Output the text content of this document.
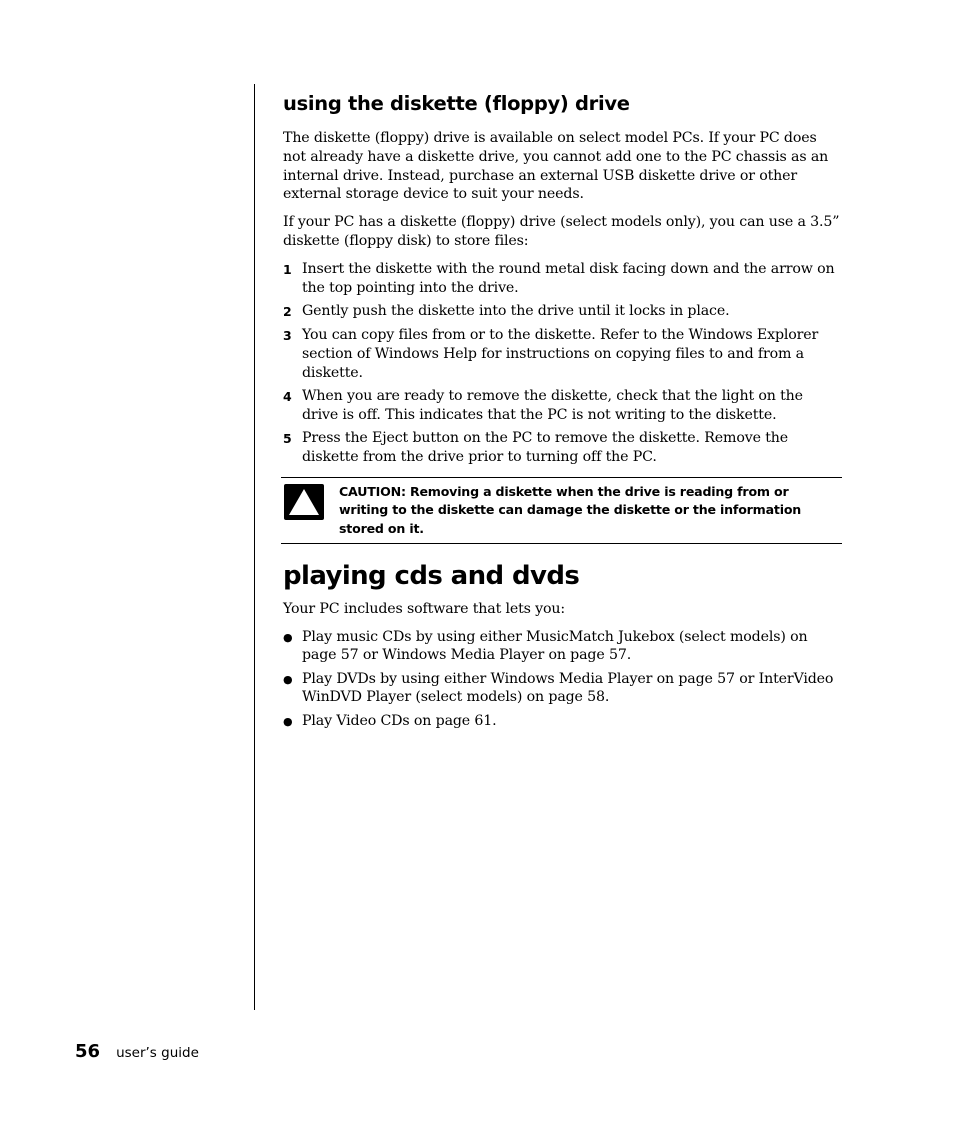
using the diskette (floppy) drive

The diskette (floppy) drive is available on select model PCs. If your PC does not already have a diskette drive, you cannot add one to the PC chassis as an internal drive. Instead, purchase an external USB diskette drive or other external storage device to suit your needs.

If your PC has a diskette (floppy) drive (select models only), you can use a 3.5” diskette (floppy disk) to store files:

1 Insert the diskette with the round metal disk facing down and the arrow on the top pointing into the drive.
2 Gently push the diskette into the drive until it locks in place.
3 You can copy files from or to the diskette. Refer to the Windows Explorer section of Windows Help for instructions on copying files to and from a diskette.
4 When you are ready to remove the diskette, check that the light on the drive is off. This indicates that the PC is not writing to the diskette.
5 Press the Eject button on the PC to remove the diskette. Remove the diskette from the drive prior to turning off the PC.
CAUTION: Removing a diskette when the drive is reading from or writing to the diskette can damage the diskette or the information stored on it.
playing cds and dvds

Your PC includes software that lets you:

● Play music CDs by using either MusicMatch Jukebox (select models) on page 57 or Windows Media Player on page 57.
● Play DVDs by using either Windows Media Player on page 57 or InterVideo WinDVD Player (select models) on page 58.
● Play Video CDs on page 61.
56 user’s guide
